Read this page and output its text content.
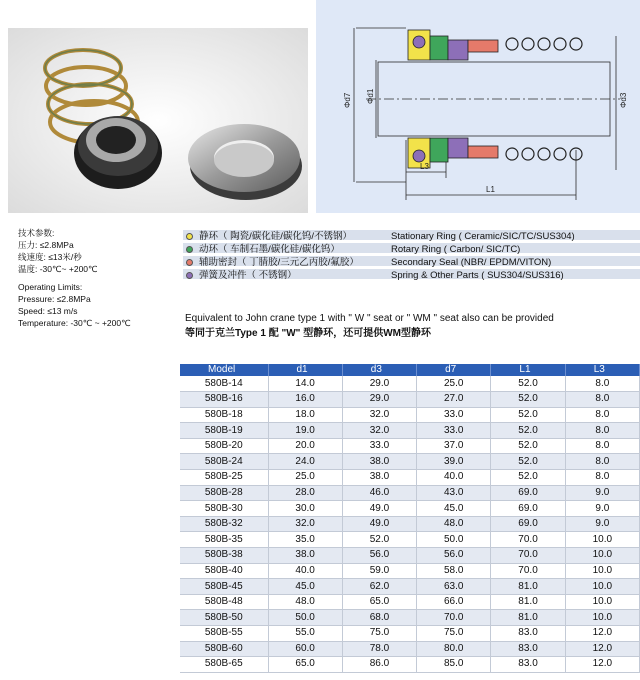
Φd7 Φd1	Φd3
L3
L1
技术参数:
压力: ≤2.8MPa
线速度: ≤13米/秒
温度: -30℃~ +200℃
Operating Limits:
Pressure: ≤2.8MPa
Speed: ≤13 m/s
Temperature: -30℃ ~ +200℃
静环（ 陶瓷/碳化硅/碳化钨/不锈钢）	Stationary Ring ( Ceramic/SIC/TC/SUS304)
动环（ 车制石墨/碳化硅/碳化钨）	Rotary Ring ( Carbon/ SIC/TC)
辅助密封（ 丁腈胶/三元乙丙胶/氟胶）	Secondary Seal (NBR/ EPDM/VITON)
弹簧及冲件（ 不锈钢）	Spring & Other Parts ( SUS304/SUS316)
Equivalent to John crane type 1 with " W " seat or " WM " seat also can be provided
等同于克兰Type 1 配 "W" 型静环，还可提供WM型静环
Model	d1	d3	d7	L1	L3
580B-14	14.0	29.0	25.0	52.0	8.0
580B-16	16.0	29.0	27.0	52.0	8.0
580B-18	18.0	32.0	33.0	52.0	8.0
580B-19	19.0	32.0	33.0	52.0	8.0
580B-20	20.0	33.0	37.0	52.0	8.0
580B-24	24.0	38.0	39.0	52.0	8.0
580B-25	25.0	38.0	40.0	52.0	8.0
580B-28	28.0	46.0	43.0	69.0	9.0
580B-30	30.0	49.0	45.0	69.0	9.0
580B-32	32.0	49.0	48.0	69.0	9.0
580B-35	35.0	52.0	50.0	70.0	10.0
580B-38	38.0	56.0	56.0	70.0	10.0
580B-40	40.0	59.0	58.0	70.0	10.0
580B-45	45.0	62.0	63.0	81.0	10.0
580B-48	48.0	65.0	66.0	81.0	10.0
580B-50	50.0	68.0	70.0	81.0	10.0
580B-55	55.0	75.0	75.0	83.0	12.0
580B-60	60.0	78.0	80.0	83.0	12.0
580B-65	65.0	86.0	85.0	83.0	12.0
